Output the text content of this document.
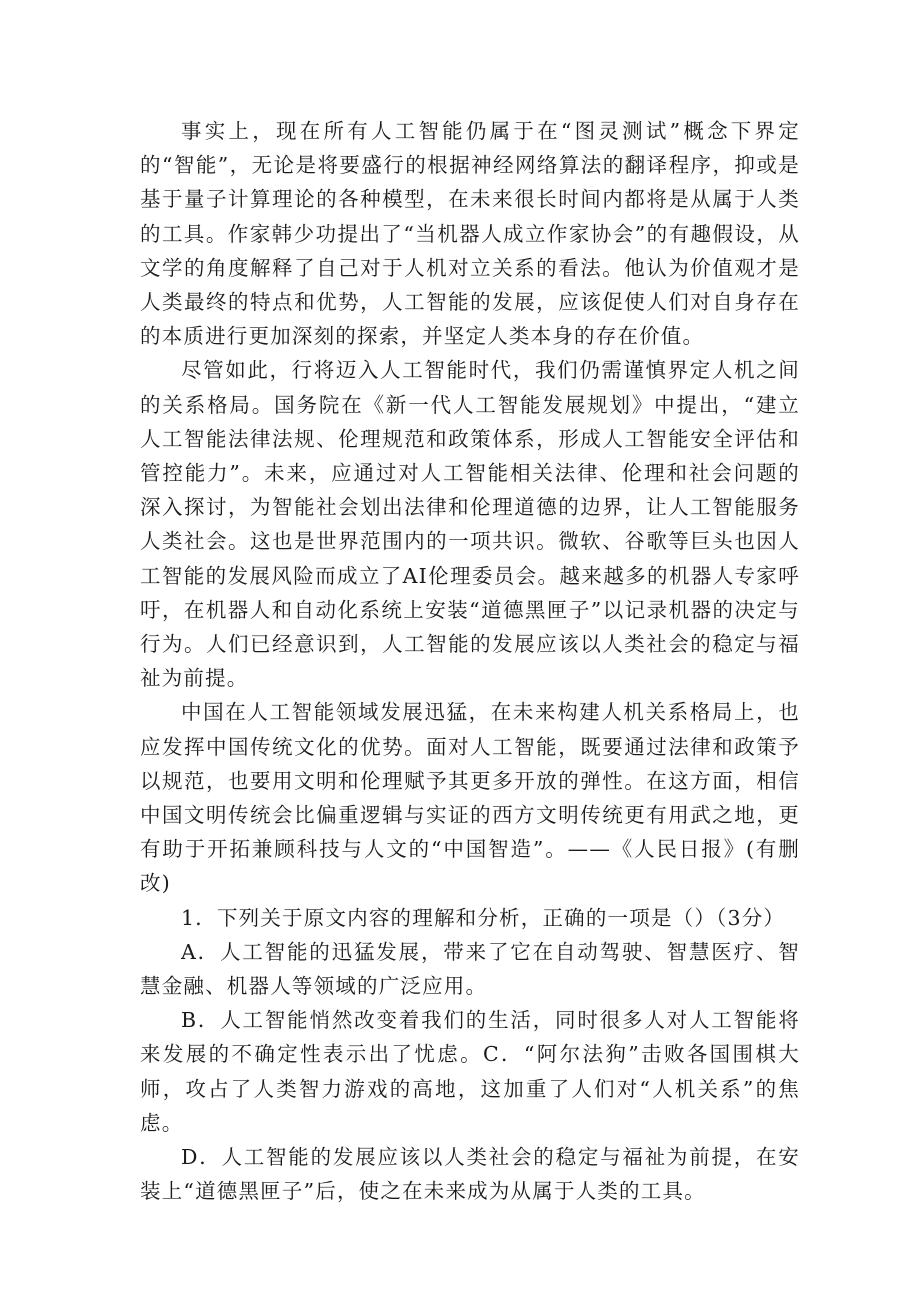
事实上，现在所有人工智能仍属于在“图灵测试”概念下界定的“智能”，无论是将要盛行的根据神经网络算法的翻译程序，抑或是基于量子计算理论的各种模型，在未来很长时间内都将是从属于人类的工具。作家韩少功提出了“当机器人成立作家协会”的有趣假设，从文学的角度解释了自己对于人机对立关系的看法。他认为价值观才是人类最终的特点和优势，人工智能的发展，应该促使人们对自身存在的本质进行更加深刻的探索，并坚定人类本身的存在价值。

尽管如此，行将迈入人工智能时代，我们仍需谨慎界定人机之间的关系格局。国务院在《新一代人工智能发展规划》中提出，“建立人工智能法律法规、伦理规范和政策体系，形成人工智能安全评估和管控能力”。未来，应通过对人工智能相关法律、伦理和社会问题的深入探讨，为智能社会划出法律和伦理道德的边界，让人工智能服务人类社会。这也是世界范围内的一项共识。微软、谷歌等巨头也因人工智能的发展风险而成立了AI伦理委员会。越来越多的机器人专家呼吁，在机器人和自动化系统上安装“道德黑匣子”以记录机器的决定与行为。人们已经意识到，人工智能的发展应该以人类社会的稳定与福祉为前提。

中国在人工智能领域发展迅猛，在未来构建人机关系格局上，也应发挥中国传统文化的优势。面对人工智能，既要通过法律和政策予以规范，也要用文明和伦理赋予其更多开放的弹性。在这方面，相信中国文明传统会比偏重逻辑与实证的西方文明传统更有用武之地，更有助于开拓兼顾科技与人文的“中国智造”。——《人民日报》(有删改)

1．下列关于原文内容的理解和分析，正确的一项是（）（3分）

A．人工智能的迅猛发展，带来了它在自动驾驶、智慧医疗、智慧金融、机器人等领域的广泛应用。

B．人工智能悄然改变着我们的生活，同时很多人对人工智能将来发展的不确定性表示出了忧虑。C．“阿尔法狗”击败各国围棋大师，攻占了人类智力游戏的高地，这加重了人们对“人机关系”的焦虑。

D．人工智能的发展应该以人类社会的稳定与福祉为前提，在安装上“道德黑匣子”后，使之在未来成为从属于人类的工具。
